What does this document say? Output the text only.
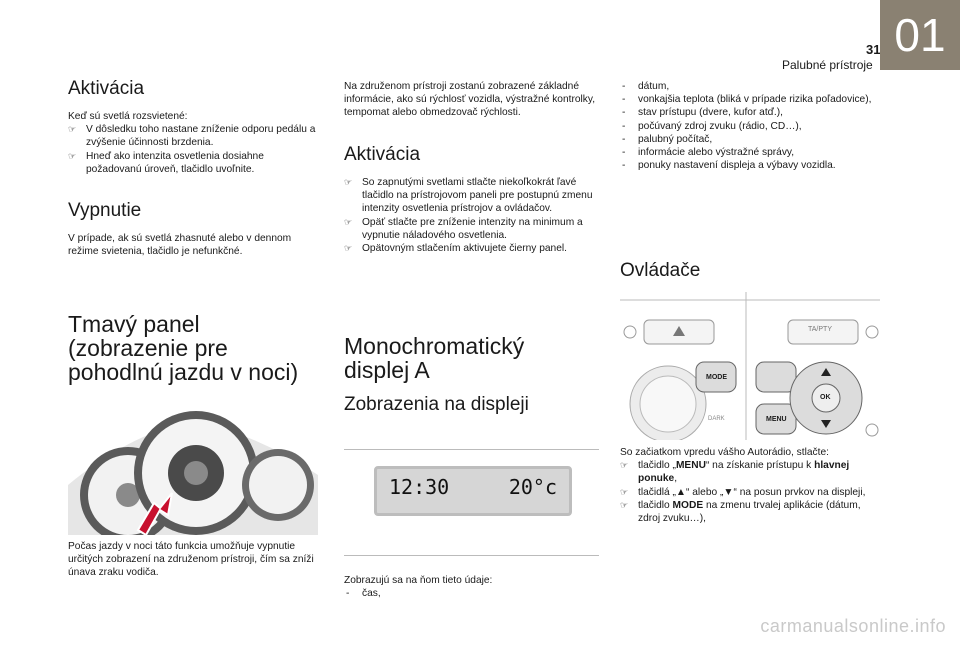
31
Palubné prístroje
01
Aktivácia

Keď sú svetlá rozsvietené:

☞ V dôsledku toho nastane zníženie odporu pedálu a zvýšenie účinnosti brzdenia.
☞ Hneď ako intenzita osvetlenia dosiahne požadovanú úroveň, tlačidlo uvoľnite.
Vypnutie

V prípade, ak sú svetlá zhasnuté alebo v dennom režime svietenia, tlačidlo je nefunkčné.

Tmavý panel (zobrazenie pre pohodlnú jazdu v noci)

Počas jazdy v noci táto funkcia umožňuje vypnutie určitých zobrazení na združenom prístroji, čím sa zníži únava zraku vodiča.

Na združenom prístroji zostanú zobrazené základné informácie, ako sú rýchlosť vozidla, výstražné kontrolky, tempomat alebo obmedzovač rýchlosti.

Aktivácia
☞ So zapnutými svetlami stlačte niekoľkokrát ľavé tlačidlo na prístrojovom paneli pre postupnú zmenu intenzity osvetlenia prístrojov a ovládačov.
☞ Opäť stlačte pre zníženie intenzity na minimum a vypnutie náladového osvetlenia.
☞ Opätovným stlačením aktivujete čierny panel.
Monochromatický displej A
Zobrazenia na displeji
12:30	20°c

Zobrazujú sa na ňom tieto údaje:

- čas,
- dátum,
- vonkajšia teplota (bliká v prípade rizika poľadovice),
- stav prístupu (dvere, kufor atď.),
- počúvaný zdroj zvuku (rádio, CD…),
- palubný počítač,
- informácie alebo výstražné správy,
- ponuky nastavení displeja a výbavy vozidla.
Ovládače
TA/PTY
MODE
MENU
OK
DARK

So začiatkom vpredu vášho Autorádio, stlačte:

☞ tlačidlo „MENU“ na získanie prístupu k hlavnej ponuke,
☞ tlačidlá „▲“ alebo „▼“ na posun prvkov na displeji,
☞ tlačidlo MODE na zmenu trvalej aplikácie (dátum, zdroj zvuku…),
carmanualsonline.info
